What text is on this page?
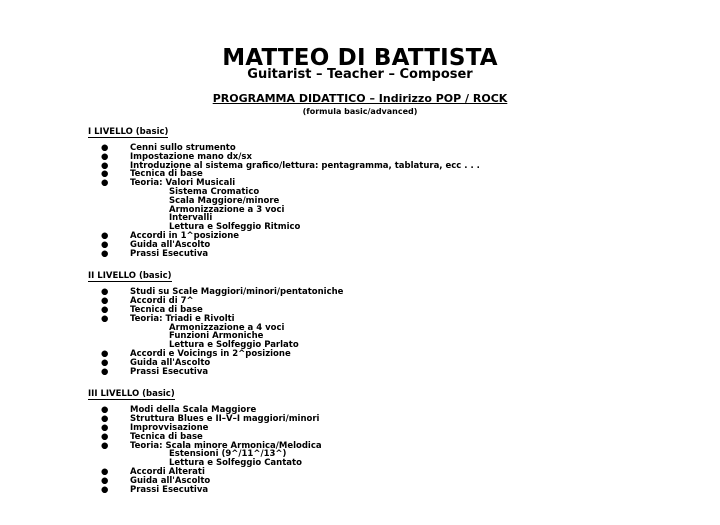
MATTEO DI BATTISTA

Guitarist – Teacher – Composer

PROGRAMMA DIDATTICO – Indirizzo POP / ROCK

(formula basic/advanced)

I LIVELLO (basic)

●	Cenni sullo strumento
●	Impostazione mano dx/sx
●	Introduzione al sistema grafico/lettura: pentagramma, tablatura, ecc . . .
●	Tecnica di base
●	Teoria: Valori Musicali
Sistema Cromatico
Scala Maggiore/minore
Armonizzazione a 3 voci
Intervalli
Lettura e Solfeggio Ritmico
●	Accordi in 1^posizione
●	Guida all'Ascolto
●	Prassi Esecutiva
II LIVELLO (basic)

●	Studi su Scale Maggiori/minori/pentatoniche
●	Accordi di 7^
●	Tecnica di base
●	Teoria: Triadi e Rivolti
Armonizzazione a 4 voci
Funzioni Armoniche
Lettura e Solfeggio Parlato
●	Accordi e Voicings in 2^posizione
●	Guida all'Ascolto
●	Prassi Esecutiva
III LIVELLO (basic)

●	Modi della Scala Maggiore
●	Struttura Blues e II–V–I maggiori/minori
●	Improvvisazione
●	Tecnica di base
●	Teoria: Scala minore Armonica/Melodica
Estensioni (9^/11^/13^)
Lettura e Solfeggio Cantato
●	Accordi Alterati
●	Guida all'Ascolto
●	Prassi Esecutiva
